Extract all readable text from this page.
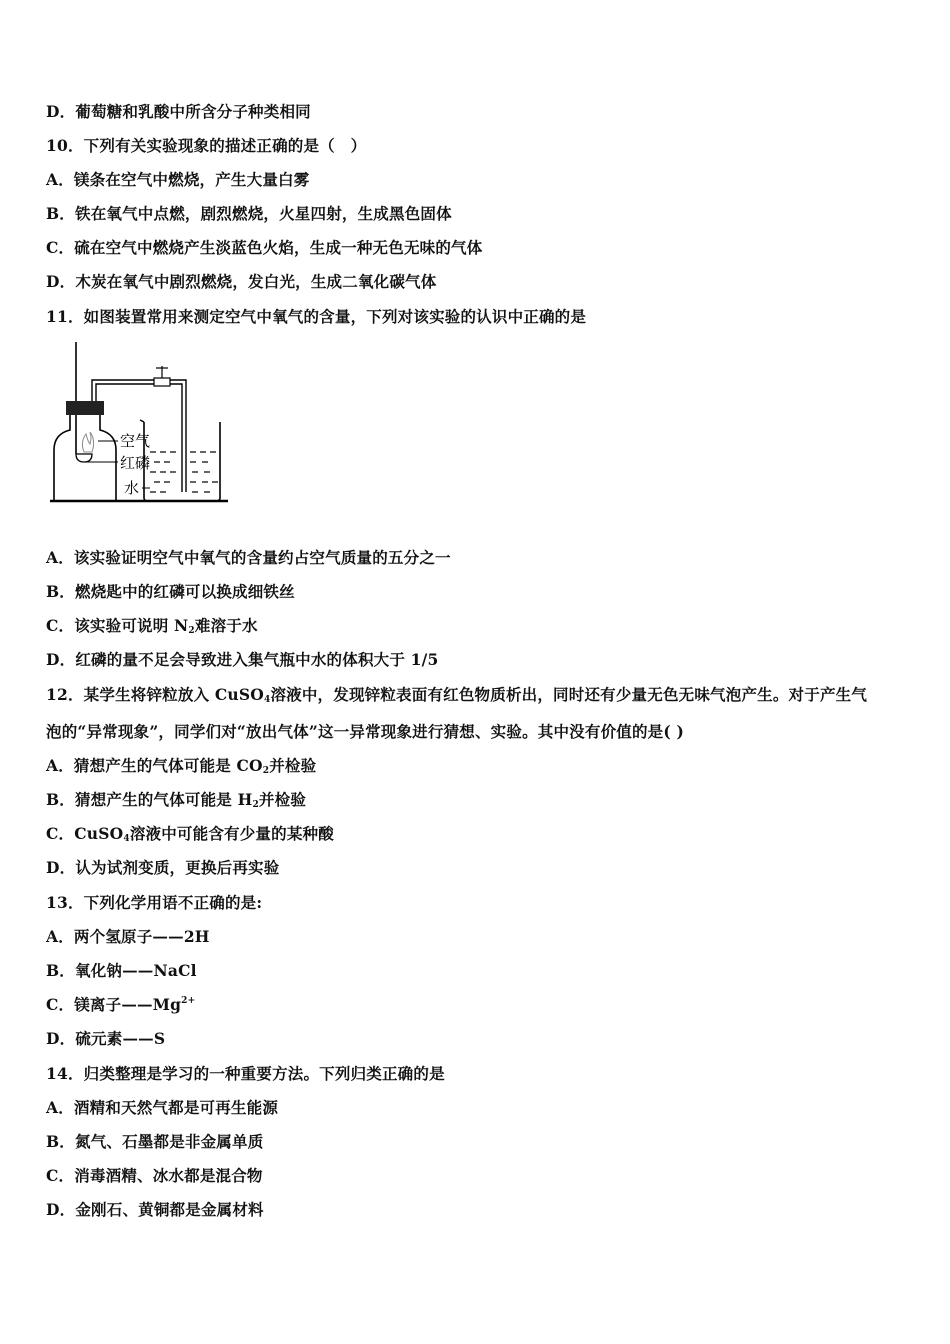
D．葡萄糖和乳酸中所含分子种类相同
10．下列有关实验现象的描述正确的是（　）
A．镁条在空气中燃烧，产生大量白雾
B．铁在氧气中点燃，剧烈燃烧，火星四射，生成黑色固体
C．硫在空气中燃烧产生淡蓝色火焰，生成一种无色无味的气体
D．木炭在氧气中剧烈燃烧，发白光，生成二氧化碳气体
11．如图装置常用来测定空气中氧气的含量，下列对该实验的认识中正确的是
空气
红磷
水
A．该实验证明空气中氧气的含量约占空气质量的五分之一
B．燃烧匙中的红磷可以换成细铁丝
C．该实验可说明 $N_2$难溶于水
D．红磷的量不足会导致进入集气瓶中水的体积大于 1/5
12．某学生将锌粒放入 CuSO$_4$溶液中，发现锌粒表面有红色物质析出，同时还有少量无色无味气泡产生。对于产生气
泡的“异常现象”，同学们对“放出气体”这一异常现象进行猜想、实验。其中没有价值的是( )
A．猜想产生的气体可能是 $CO_2$并检验
B．猜想产生的气体可能是 $H_2$并检验
C．CuSO$_4$溶液中可能含有少量的某种酸
D．认为试剂变质，更换后再实验
13．下列化学用语不正确的是:
A．两个氢原子——2H
B．氧化钠——NaCl
C．镁离子$——Mg^{2+}$
D．硫元素——S
14．归类整理是学习的一种重要方法。下列归类正确的是
A．酒精和天然气都是可再生能源
B．氮气、石墨都是非金属单质
C．消毒酒精、冰水都是混合物
D．金刚石、黄铜都是金属材料
